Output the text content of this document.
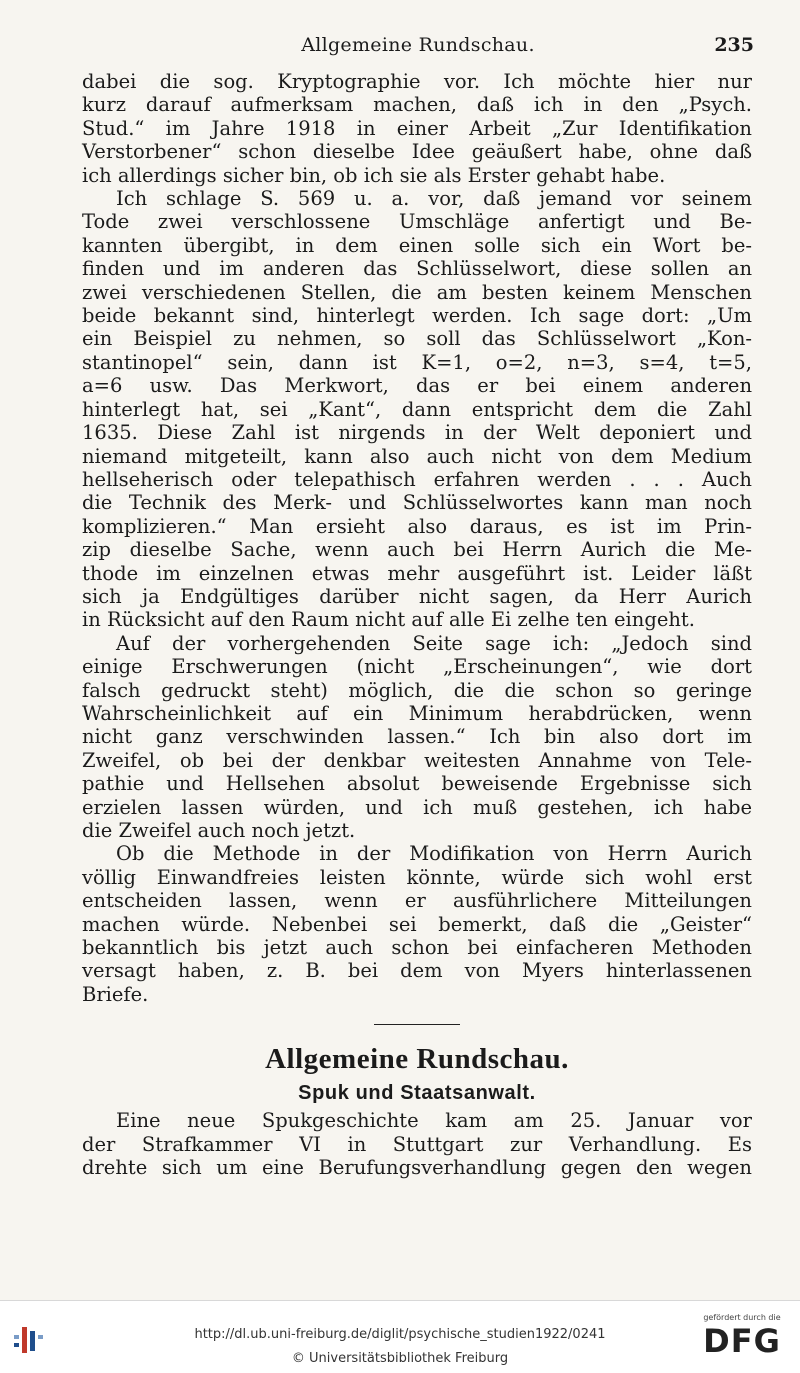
Allgemeine Rundschau.	235

dabei die sog. Kryptographie vor. Ich möchte hier nur

kurz darauf aufmerksam machen, daß ich in den „Psych.

Stud.“ im Jahre 1918 in einer Arbeit „Zur Identifikation

Verstorbener“ schon dieselbe Idee geäußert habe, ohne daß

ich allerdings sicher bin, ob ich sie als Erster gehabt habe.

Ich schlage S. 569 u. a. vor, daß jemand vor seinem

Tode zwei verschlossene Umschläge anfertigt und Be-

kannten übergibt, in dem einen solle sich ein Wort be-

finden und im anderen das Schlüsselwort, diese sollen an

zwei verschiedenen Stellen, die am besten keinem Menschen

beide bekannt sind, hinterlegt werden. Ich sage dort: „Um

ein Beispiel zu nehmen, so soll das Schlüsselwort „Kon-

stantinopel“ sein, dann ist K=1, o=2, n=3, s=4, t=5,

a=6 usw. Das Merkwort, das er bei einem anderen

hinterlegt hat, sei „Kant“, dann entspricht dem die Zahl

1635. Diese Zahl ist nirgends in der Welt deponiert und

niemand mitgeteilt, kann also auch nicht von dem Medium

hellseherisch oder telepathisch erfahren werden . . . Auch

die Technik des Merk- und Schlüsselwortes kann man noch

komplizieren.“ Man ersieht also daraus, es ist im Prin-

zip dieselbe Sache, wenn auch bei Herrn Aurich die Me-

thode im einzelnen etwas mehr ausgeführt ist. Leider läßt

sich ja Endgültiges darüber nicht sagen, da Herr Aurich

in Rücksicht auf den Raum nicht auf alle Ei zelhe ten eingeht.

Auf der vorhergehenden Seite sage ich: „Jedoch sind

einige Erschwerungen (nicht „Erscheinungen“, wie dort

falsch gedruckt steht) möglich, die die schon so geringe

Wahrscheinlichkeit auf ein Minimum herabdrücken, wenn

nicht ganz verschwinden lassen.“ Ich bin also dort im

Zweifel, ob bei der denkbar weitesten Annahme von Tele-

pathie und Hellsehen absolut beweisende Ergebnisse sich

erzielen lassen würden, und ich muß gestehen, ich habe

die Zweifel auch noch jetzt.

Ob die Methode in der Modifikation von Herrn Aurich

völlig Einwandfreies leisten könnte, würde sich wohl erst

entscheiden lassen, wenn er ausführlichere Mitteilungen

machen würde. Nebenbei sei bemerkt, daß die „Geister“

bekanntlich bis jetzt auch schon bei einfacheren Methoden

versagt haben, z. B. bei dem von Myers hinterlassenen

Briefe.

Allgemeine Rundschau.
Spuk und Staatsanwalt.

Eine neue Spukgeschichte kam am 25. Januar vor

der Strafkammer VI in Stuttgart zur Verhandlung. Es

drehte sich um eine Berufungsverhandlung gegen den wegen

http://dl.ub.uni-freiburg.de/diglit/psychische_studien1922/0241
© Universitätsbibliothek Freiburg
gefördert durch die
DFG
